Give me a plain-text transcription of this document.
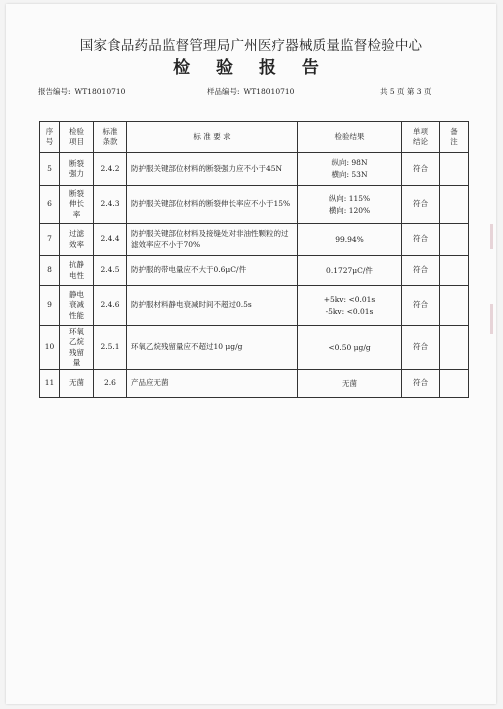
国家食品药品监督管理局广州医疗器械质量监督检验中心
检 验 报 告
报告编号: WT18010710	样品编号: WT18010710	共 5 页 第 3 页
序
号	检验
项目	标准
条款	标 准 要 求	检验结果	单项
结论	备
注

5	断裂
强力	2.4.2	防护服关键部位材料的断裂强力应不小于45N	纵向: 98N
横向: 53N	符合	
6	断裂
伸长
率	2.4.3	防护服关键部位材料的断裂伸长率应不小于15%	纵向: 115%
横向: 120%	符合	
7	过滤
效率	2.4.4	防护服关键部位材料及接缝处对非油性颗粒的过滤效率应不小于70%	99.94%	符合	
8	抗静
电性	2.4.5	防护服的带电量应不大于0.6μC/件	0.1727μC/件	符合	
9	静电
衰减
性能	2.4.6	防护服材料静电衰减时间不超过0.5s	+5kv: <0.01s
-5kv: <0.01s	符合	
10	环氧
乙烷
残留
量	2.5.1	环氧乙烷残留量应不超过10 μg/g	<0.50 μg/g	符合	
11	无菌	2.6	产品应无菌	无菌	符合	
